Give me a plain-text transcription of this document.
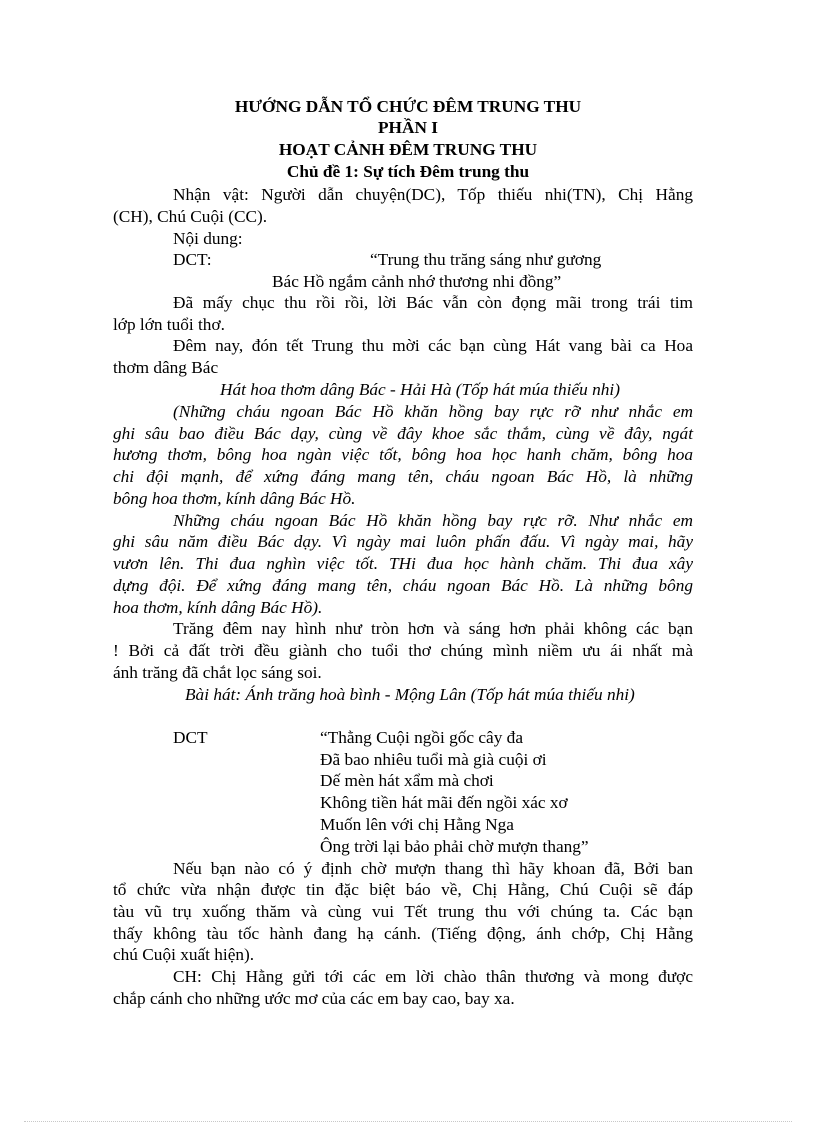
HƯỚNG DẪN TỔ CHỨC ĐÊM TRUNG THU
PHẦN I
HOẠT CẢNH ĐÊM TRUNG THU
Chủ đề 1: Sự tích Đêm trung thu
Nhận vật: Người dẫn chuyện(DC), Tốp thiếu nhi(TN), Chị Hằng
(CH), Chú Cuội (CC).
Nội dung:
DCT:	“Trung thu trăng sáng như gương
Bác Hồ ngắm cảnh nhớ thương nhi đồng”
Đã mấy chục thu rồi rồi, lời Bác vẫn còn đọng mãi trong trái tim
lớp lớn tuổi thơ.
Đêm nay, đón tết Trung thu mời các bạn cùng Hát vang bài ca Hoa
thơm dâng Bác
Hát hoa thơm dâng Bác - Hải Hà (Tốp hát múa thiếu nhi)
(Những cháu ngoan Bác Hồ khăn hồng bay rực rỡ như nhắc em
ghi sâu bao điều Bác dạy, cùng về đây khoe sắc thắm, cùng về đây, ngát
hương thơm, bông hoa ngàn việc tốt, bông hoa học hanh chăm, bông hoa
chi đội mạnh, để xứng đáng mang tên, cháu ngoan Bác Hồ, là những
bông hoa thơm, kính dâng Bác Hồ.
Những cháu ngoan Bác Hồ khăn hồng bay rực rỡ. Như nhắc em
ghi sâu năm điều Bác dạy. Vì ngày mai luôn phấn đấu. Vì ngày mai, hãy
vươn lên. Thi đua nghìn việc tốt. THi đua học hành chăm. Thi đua xây
dựng đội. Để xứng đáng mang tên, cháu ngoan Bác Hồ. Là những bông
hoa thơm, kính dâng Bác Hồ).
Trăng đêm nay hình như tròn hơn và sáng hơn phải không các bạn
! Bởi cả đất trời đều giành cho tuổi thơ chúng mình niềm ưu ái nhất mà
ánh trăng đã chắt lọc sáng soi.
Bài hát: Ánh trăng hoà bình - Mộng Lân (Tốp hát múa thiếu nhi)
DCT	“Thằng Cuội ngồi gốc cây đa
Đã bao nhiêu tuổi mà già cuội ơi
Dế mèn hát xẩm mà chơi
Không tiền hát mãi đến ngồi xác xơ
Muốn lên với chị Hằng Nga
Ông trời lại bảo phải chờ mượn thang”
Nếu bạn nào có ý định chờ mượn thang thì hãy khoan đã, Bởi ban
tổ chức vừa nhận được tin đặc biệt báo về, Chị Hằng, Chú Cuội sẽ đáp
tàu vũ trụ xuống thăm và cùng vui Tết trung thu với chúng ta. Các bạn
thấy không tàu tốc hành đang hạ cánh. (Tiếng động, ánh chớp, Chị Hằng
chú Cuội xuất hiện).
CH: Chị Hằng gửi tới các em lời chào thân thương và mong được
chắp cánh cho những ước mơ của các em bay cao, bay xa.
